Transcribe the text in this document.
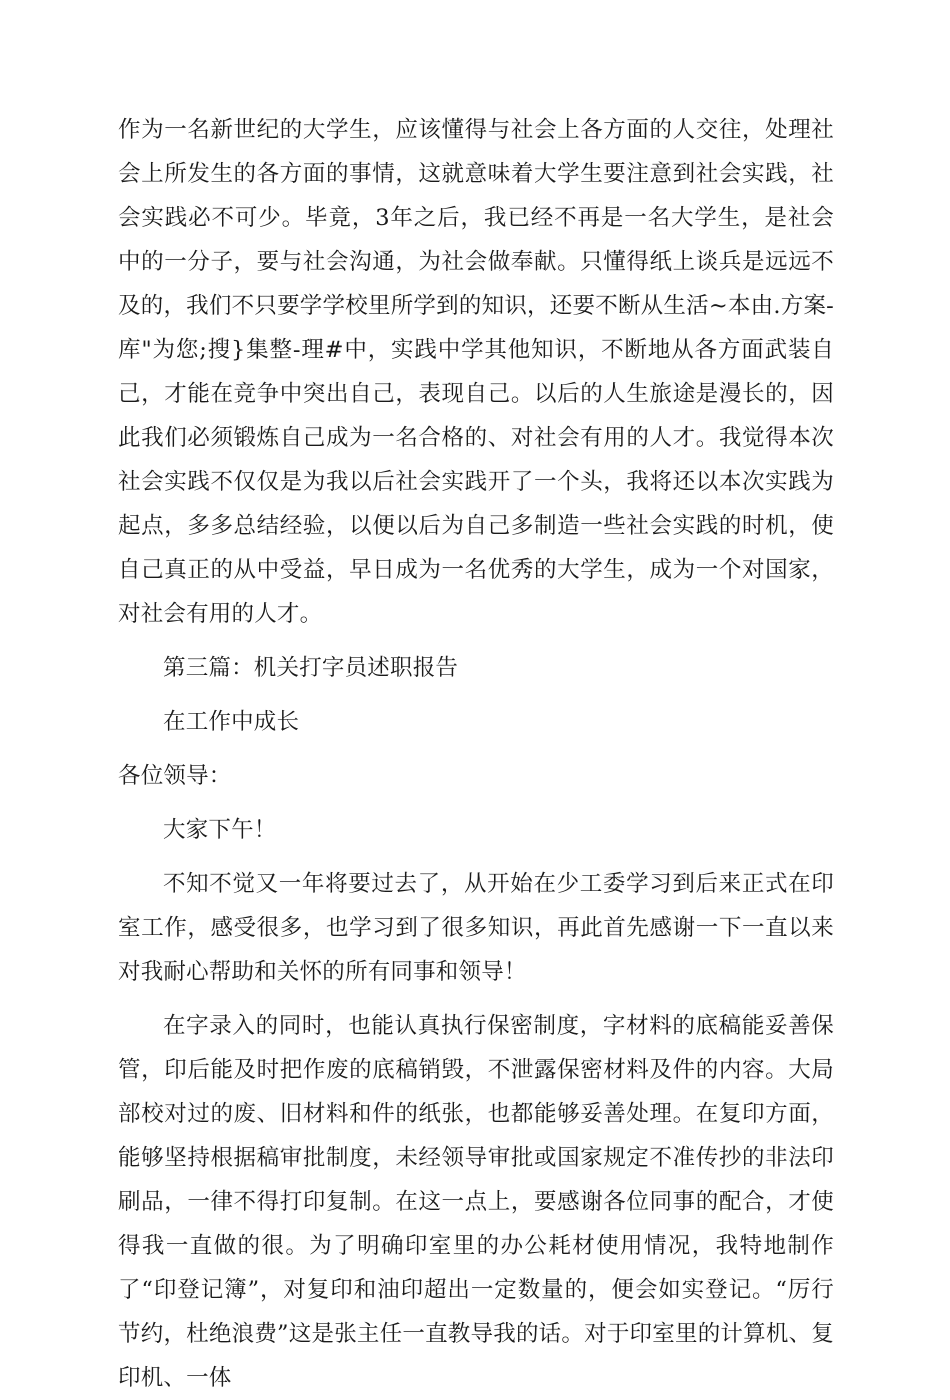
作为一名新世纪的大学生，应该懂得与社会上各方面的人交往，处理社会上所发生的各方面的事情，这就意味着大学生要注意到社会实践，社会实践必不可少。毕竟，3年之后，我已经不再是一名大学生，是社会中的一分子，要与社会沟通，为社会做奉献。只懂得纸上谈兵是远远不及的，我们不只要学学校里所学到的知识，还要不断从生活~本由.方案-库"为您;搜}集整-理#中，实践中学其他知识，不断地从各方面武装自己，才能在竞争中突出自己，表现自己。以后的人生旅途是漫长的，因此我们必须锻炼自己成为一名合格的、对社会有用的人才。我觉得本次社会实践不仅仅是为我以后社会实践开了一个头，我将还以本次实践为起点，多多总结经验，以便以后为自己多制造一些社会实践的时机，使自己真正的从中受益，早日成为一名优秀的大学生，成为一个对国家，对社会有用的人才。

第三篇：机关打字员述职报告

在工作中成长

各位领导：

大家下午！

不知不觉又一年将要过去了，从开始在少工委学习到后来正式在印室工作，感受很多，也学习到了很多知识，再此首先感谢一下一直以来对我耐心帮助和关怀的所有同事和领导！

在字录入的同时，也能认真执行保密制度，字材料的底稿能妥善保管，印后能及时把作废的底稿销毁，不泄露保密材料及件的内容。大局部校对过的废、旧材料和件的纸张，也都能够妥善处理。在复印方面，能够坚持根据稿审批制度，未经领导审批或国家规定不准传抄的非法印刷品，一律不得打印复制。在这一点上，要感谢各位同事的配合，才使得我一直做的很。为了明确印室里的办公耗材使用情况，我特地制作了“印登记簿”，对复印和油印超出一定数量的，便会如实登记。“厉行节约，杜绝浪费”这是张主任一直教导我的话。对于印室里的计算机、复印机、一体
